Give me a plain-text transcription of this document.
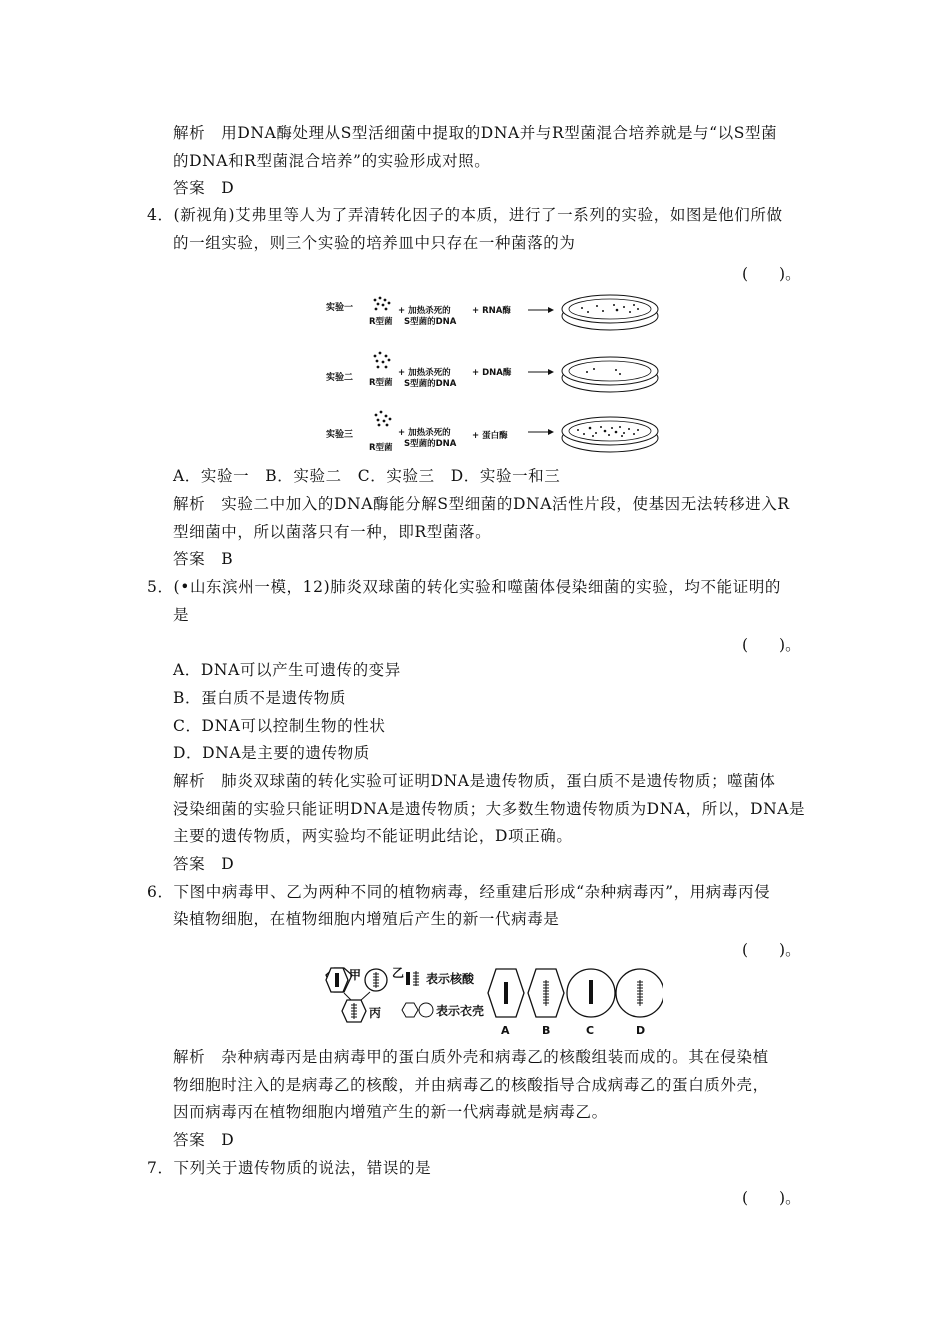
解析　用DNA酶处理从S型活细菌中提取的DNA并与R型菌混合培养就是与“以S型菌
的DNA和R型菌混合培养”的实验形成对照。
答案　D
4．(新视角)艾弗里等人为了弄清转化因子的本质，进行了一系列的实验，如图是他们所做
的一组实验，则三个实验的培养皿中只存在一种菌落的为
(　　)。
实验一
R型菌
+ 加热杀死的
S型菌的DNA
+ RNA酶
实验二 R型菌
+ 加热杀死的
S型菌的DNA
+ DNA酶
实验三
R型菌
+ 加热杀死的
S型菌的DNA
+ 蛋白酶
A．实验一　B．实验二　C．实验三　D．实验一和三
解析　实验二中加入的DNA酶能分解S型细菌的DNA活性片段，使基因无法转移进入R
型细菌中，所以菌落只有一种，即R型菌落。
答案　B
5．(•山东滨州一模，12)肺炎双球菌的转化实验和噬菌体侵染细菌的实验，均不能证明的
是
(　　)。
A．DNA可以产生可遗传的变异
B．蛋白质不是遗传物质
C．DNA可以控制生物的性状
D．DNA是主要的遗传物质
解析　肺炎双球菌的转化实验可证明DNA是遗传物质，蛋白质不是遗传物质；噬菌体
浸染细菌的实验只能证明DNA是遗传物质；大多数生物遗传物质为DNA，所以，DNA是
主要的遗传物质，两实验均不能证明此结论，D项正确。
答案　D
6．下图中病毒甲、乙为两种不同的植物病毒，经重建后形成“杂种病毒丙”，用病毒丙侵
染植物细胞，在植物细胞内增殖后产生的新一代病毒是
(　　)。
甲	乙
丙
表示核酸
表示衣壳
A	B	C	D
解析　杂种病毒丙是由病毒甲的蛋白质外壳和病毒乙的核酸组装而成的。其在侵染植
物细胞时注入的是病毒乙的核酸，并由病毒乙的核酸指导合成病毒乙的蛋白质外壳，
因而病毒丙在植物细胞内增殖产生的新一代病毒就是病毒乙。
答案　D
7．下列关于遗传物质的说法，错误的是
(　　)。
